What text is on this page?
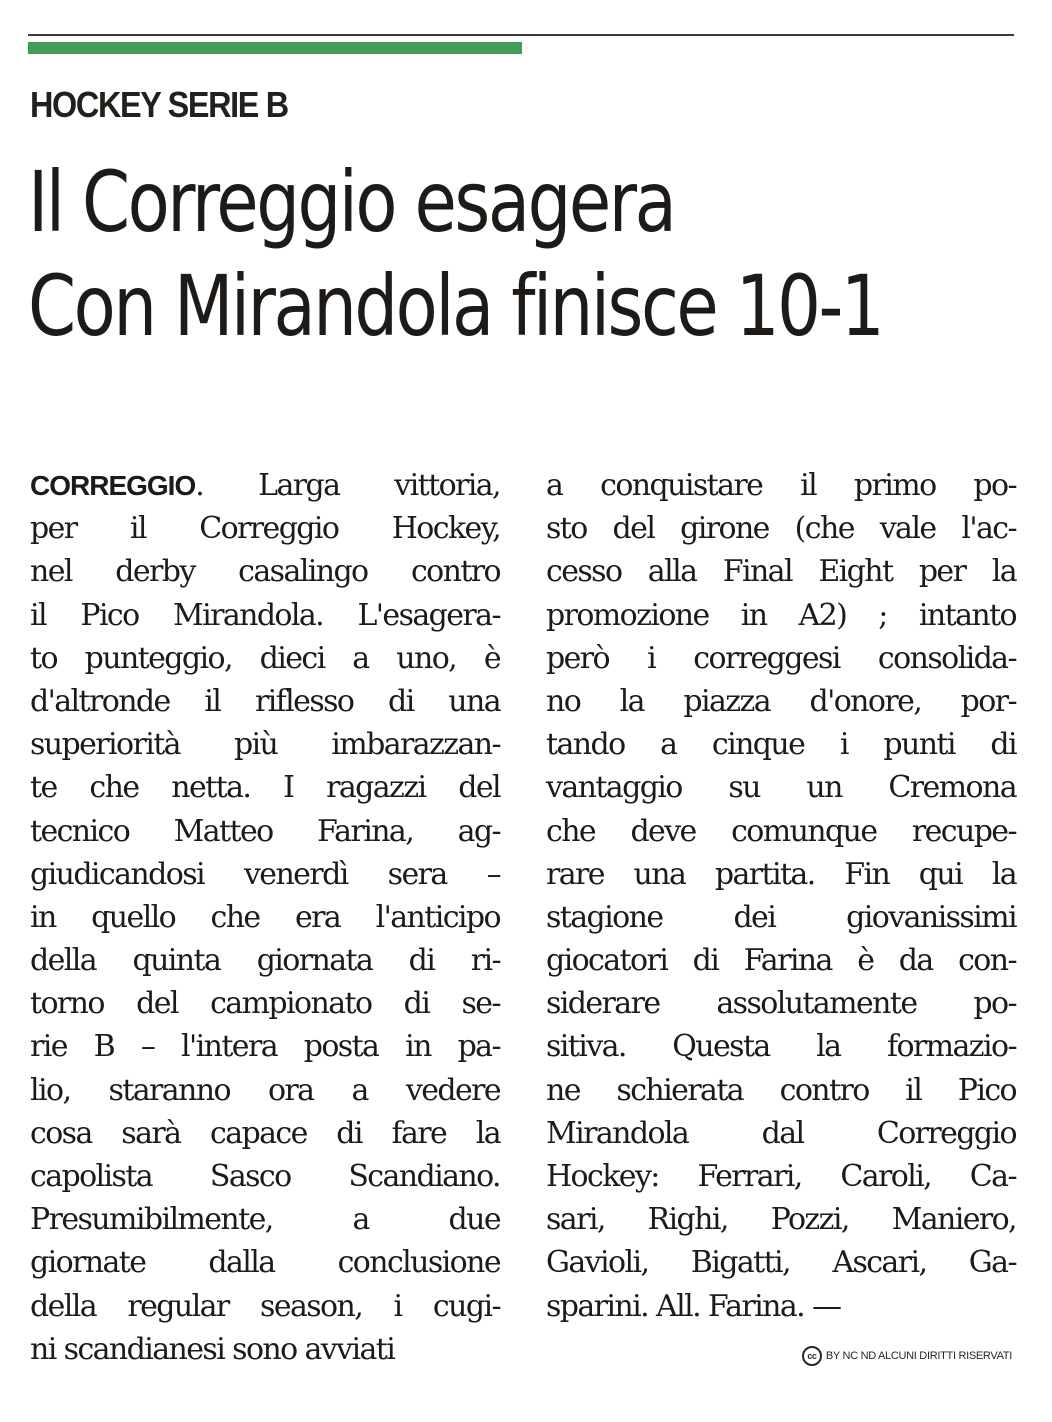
HOCKEY SERIE B
Il Correggio esagera
Con Mirandola finisce 10-1
CORREGGIO. Larga vittoria,
per il Correggio Hockey,
nel derby casalingo contro
il Pico Mirandola. L'esagera-
to punteggio, dieci a uno, è
d'altronde il riflesso di una
superiorità più imbarazzan-
te che netta. I ragazzi del
tecnico Matteo Farina, ag-
giudicandosi venerdì sera –
in quello che era l'anticipo
della quinta giornata di ri-
torno del campionato di se-
rie B – l'intera posta in pa-
lio, staranno ora a vedere
cosa sarà capace di fare la
capolista Sasco Scandiano.
Presumibilmente, a due
giornate dalla conclusione
della regular season, i cugi-
ni scandianesi sono avviati
a conquistare il primo po-
sto del girone (che vale l'ac-
cesso alla Final Eight per la
promozione in A2) ; intanto
però i correggesi consolida-
no la piazza d'onore, por-
tando a cinque i punti di
vantaggio su un Cremona
che deve comunque recupe-
rare una partita. Fin qui la
stagione dei giovanissimi
giocatori di Farina è da con-
siderare assolutamente po-
sitiva. Questa la formazio-
ne schierata contro il Pico
Mirandola dal Correggio
Hockey: Ferrari, Caroli, Ca-
sari, Righi, Pozzi, Maniero,
Gavioli, Bigatti, Ascari, Ga-
sparini. All. Farina. —
cc BY NC ND ALCUNI DIRITTI RISERVATI
